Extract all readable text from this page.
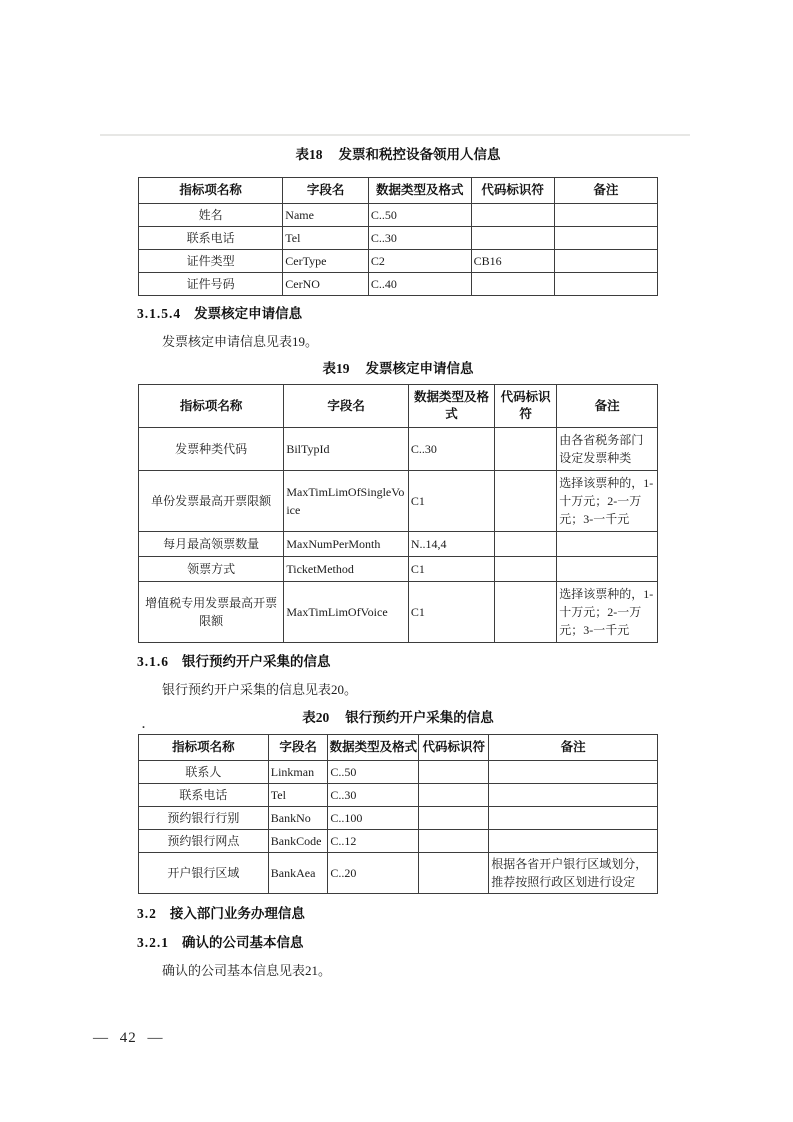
表18 发票和税控设备领用人信息
指标项名称	字段名	数据类型及格式	代码标识符	备注
姓名	Name	C..50		
联系电话	Tel	C..30		
证件类型	CerType	C2	CB16	
证件号码	CerNO	C..40		
3.1.5.4 发票核定申请信息
发票核定申请信息见表19。
表19 发票核定申请信息
指标项名称	字段名	数据类型及格式	代码标识符	备注
发票种类代码	BilTypId	C..30		由各省税务部门设定发票种类
单份发票最高开票限额	MaxTimLimOfSingleVoice	C1		选择该票种的，1-十万元；2-一万元；3-一千元
每月最高领票数量	MaxNumPerMonth	N..14,4		
领票方式	TicketMethod	C1		
增值税专用发票最高开票限额	MaxTimLimOfVoice	C1		选择该票种的，1-十万元；2-一万元；3-一千元
3.1.6 银行预约开户采集的信息
银行预约开户采集的信息见表20。
.	表20 银行预约开户采集的信息
指标项名称	字段名	数据类型及格式	代码标识符	备注
联系人	Linkman	C..50		
联系电话	Tel	C..30		
预约银行行别	BankNo	C..100		
预约银行网点	BankCode	C..12		
开户银行区域	BankAea	C..20		根据各省开户银行区域划分，推荐按照行政区划进行设定
3.2 接入部门业务办理信息
3.2.1 确认的公司基本信息
确认的公司基本信息见表21。
— 42 —
